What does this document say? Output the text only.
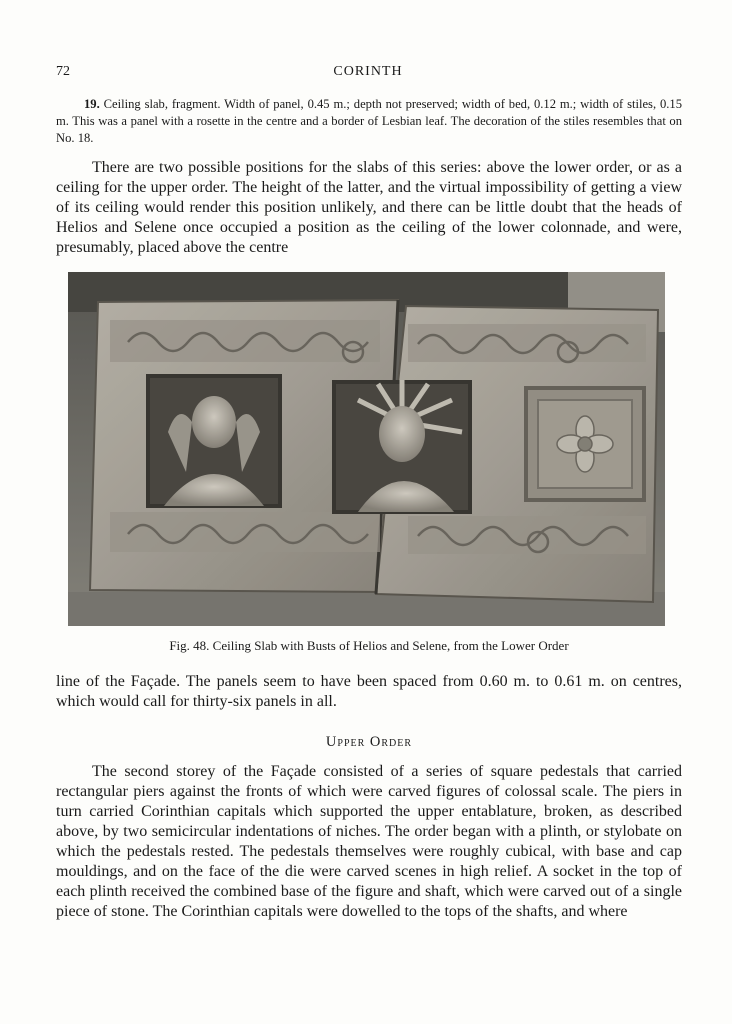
72	CORINTH

19. Ceiling slab, fragment. Width of panel, 0.45 m.; depth not preserved; width of bed, 0.12 m.; width of stiles, 0.15 m. This was a panel with a rosette in the centre and a border of Lesbian leaf. The decoration of the stiles resembles that on No. 18.

There are two possible positions for the slabs of this series: above the lower order, or as a ceiling for the upper order. The height of the latter, and the virtual impossibility of getting a view of its ceiling would render this position unlikely, and there can be little doubt that the heads of Helios and Selene once occupied a position as the ceiling of the lower colonnade, and were, presumably, placed above the centre

Fig. 48. Ceiling Slab with Busts of Helios and Selene, from the Lower Order

line of the Façade. The panels seem to have been spaced from 0.60 m. to 0.61 m. on centres, which would call for thirty-six panels in all.

Upper Order

The second storey of the Façade consisted of a series of square pedestals that carried rectangular piers against the fronts of which were carved figures of colossal scale. The piers in turn carried Corinthian capitals which supported the upper entablature, broken, as described above, by two semicircular indentations of niches. The order began with a plinth, or stylobate on which the pedestals rested. The pedestals themselves were roughly cubical, with base and cap mouldings, and on the face of the die were carved scenes in high relief. A socket in the top of each plinth received the combined base of the figure and shaft, which were carved out of a single piece of stone. The Corinthian capitals were dowelled to the tops of the shafts, and where
